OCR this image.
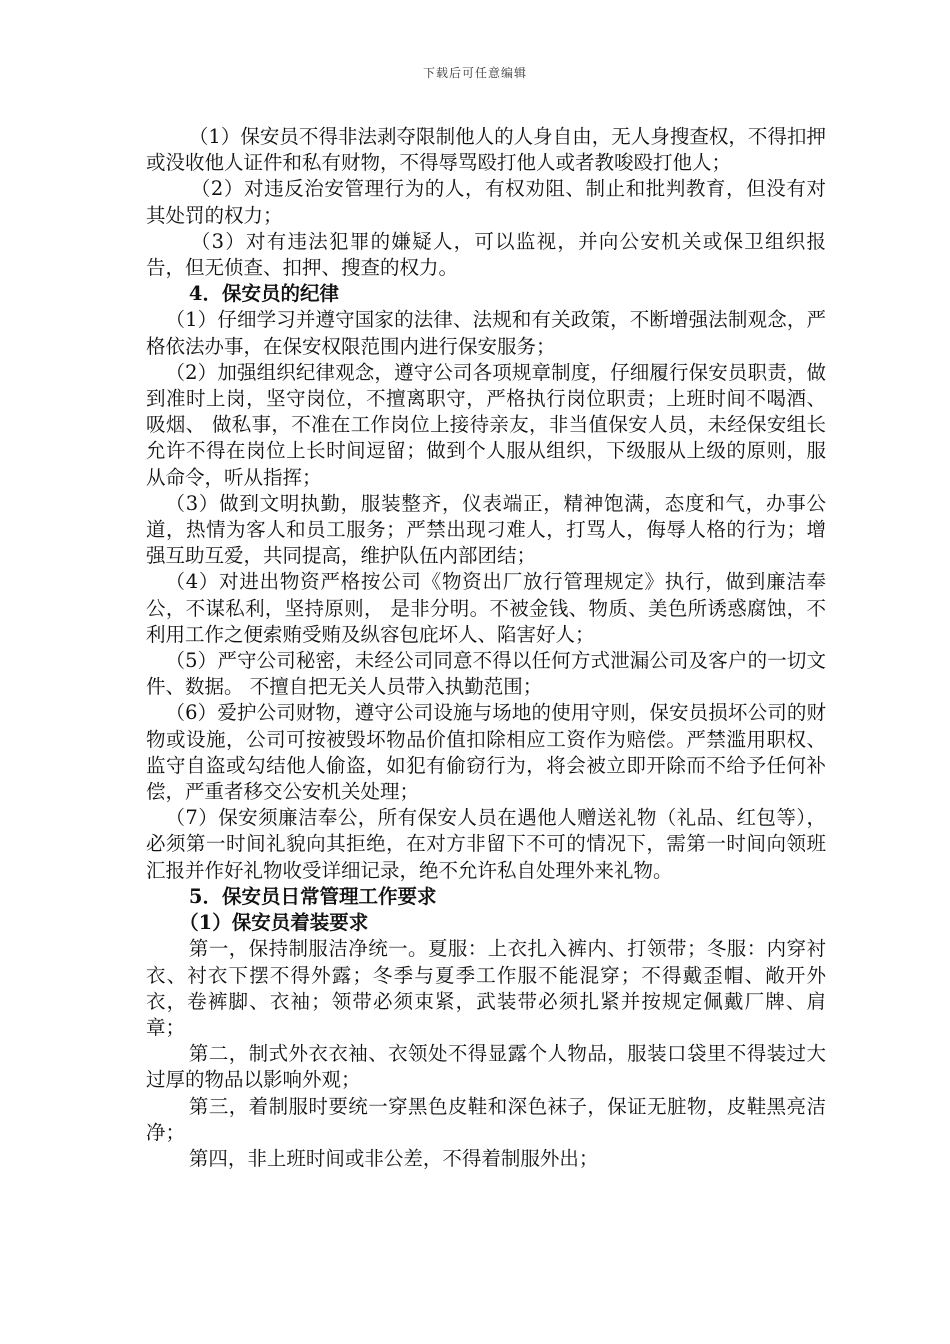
下载后可任意编辑

（1）保安员不得非法剥夺限制他人的人身自由，无人身搜查权，不得扣押或没收他人证件和私有财物，不得辱骂殴打他人或者教唆殴打他人；

（2）对违反治安管理行为的人，有权劝阻、制止和批判教育，但没有对其处罚的权力；

（3）对有违法犯罪的嫌疑人，可以监视，并向公安机关或保卫组织报告，但无侦查、扣押、搜查的权力。

4．保安员的纪律

（1）仔细学习并遵守国家的法律、法规和有关政策，不断增强法制观念，严格依法办事，在保安权限范围内进行保安服务；

（2）加强组织纪律观念，遵守公司各项规章制度，仔细履行保安员职责，做到准时上岗，坚守岗位，不擅离职守，严格执行岗位职责；上班时间不喝酒、吸烟、 做私事，不准在工作岗位上接待亲友，非当值保安人员，未经保安组长允许不得在岗位上长时间逗留；做到个人服从组织，下级服从上级的原则，服从命令，听从指挥；

（3）做到文明执勤，服装整齐，仪表端正，精神饱满，态度和气，办事公道，热情为客人和员工服务；严禁出现刁难人，打骂人，侮辱人格的行为；增强互助互爱，共同提高，维护队伍内部团结；

（4）对进出物资严格按公司《物资出厂放行管理规定》执行，做到廉洁奉公，不谋私利，坚持原则， 是非分明。不被金钱、物质、美色所诱惑腐蚀，不利用工作之便索贿受贿及纵容包庇坏人、陷害好人；

（5）严守公司秘密，未经公司同意不得以任何方式泄漏公司及客户的一切文件、数据。 不擅自把无关人员带入执勤范围；

（6）爱护公司财物，遵守公司设施与场地的使用守则，保安员损坏公司的财物或设施，公司可按被毁坏物品价值扣除相应工资作为赔偿。严禁滥用职权、监守自盗或勾结他人偷盗，如犯有偷窃行为，将会被立即开除而不给予任何补偿，严重者移交公安机关处理；

（7）保安须廉洁奉公，所有保安人员在遇他人赠送礼物（礼品、红包等），必须第一时间礼貌向其拒绝，在对方非留下不可的情况下，需第一时间向领班汇报并作好礼物收受详细记录，绝不允许私自处理外来礼物。

5．保安员日常管理工作要求

（1）保安员着装要求

第一，保持制服洁净统一。夏服：上衣扎入裤内、打领带；冬服：内穿衬衣、衬衣下摆不得外露；冬季与夏季工作服不能混穿；不得戴歪帽、敞开外衣，卷裤脚、衣袖；领带必须束紧，武装带必须扎紧并按规定佩戴厂牌、肩章；

第二，制式外衣衣袖、衣领处不得显露个人物品，服装口袋里不得装过大过厚的物品以影响外观；

第三，着制服时要统一穿黑色皮鞋和深色袜子，保证无脏物，皮鞋黑亮洁净；

第四，非上班时间或非公差，不得着制服外出；
